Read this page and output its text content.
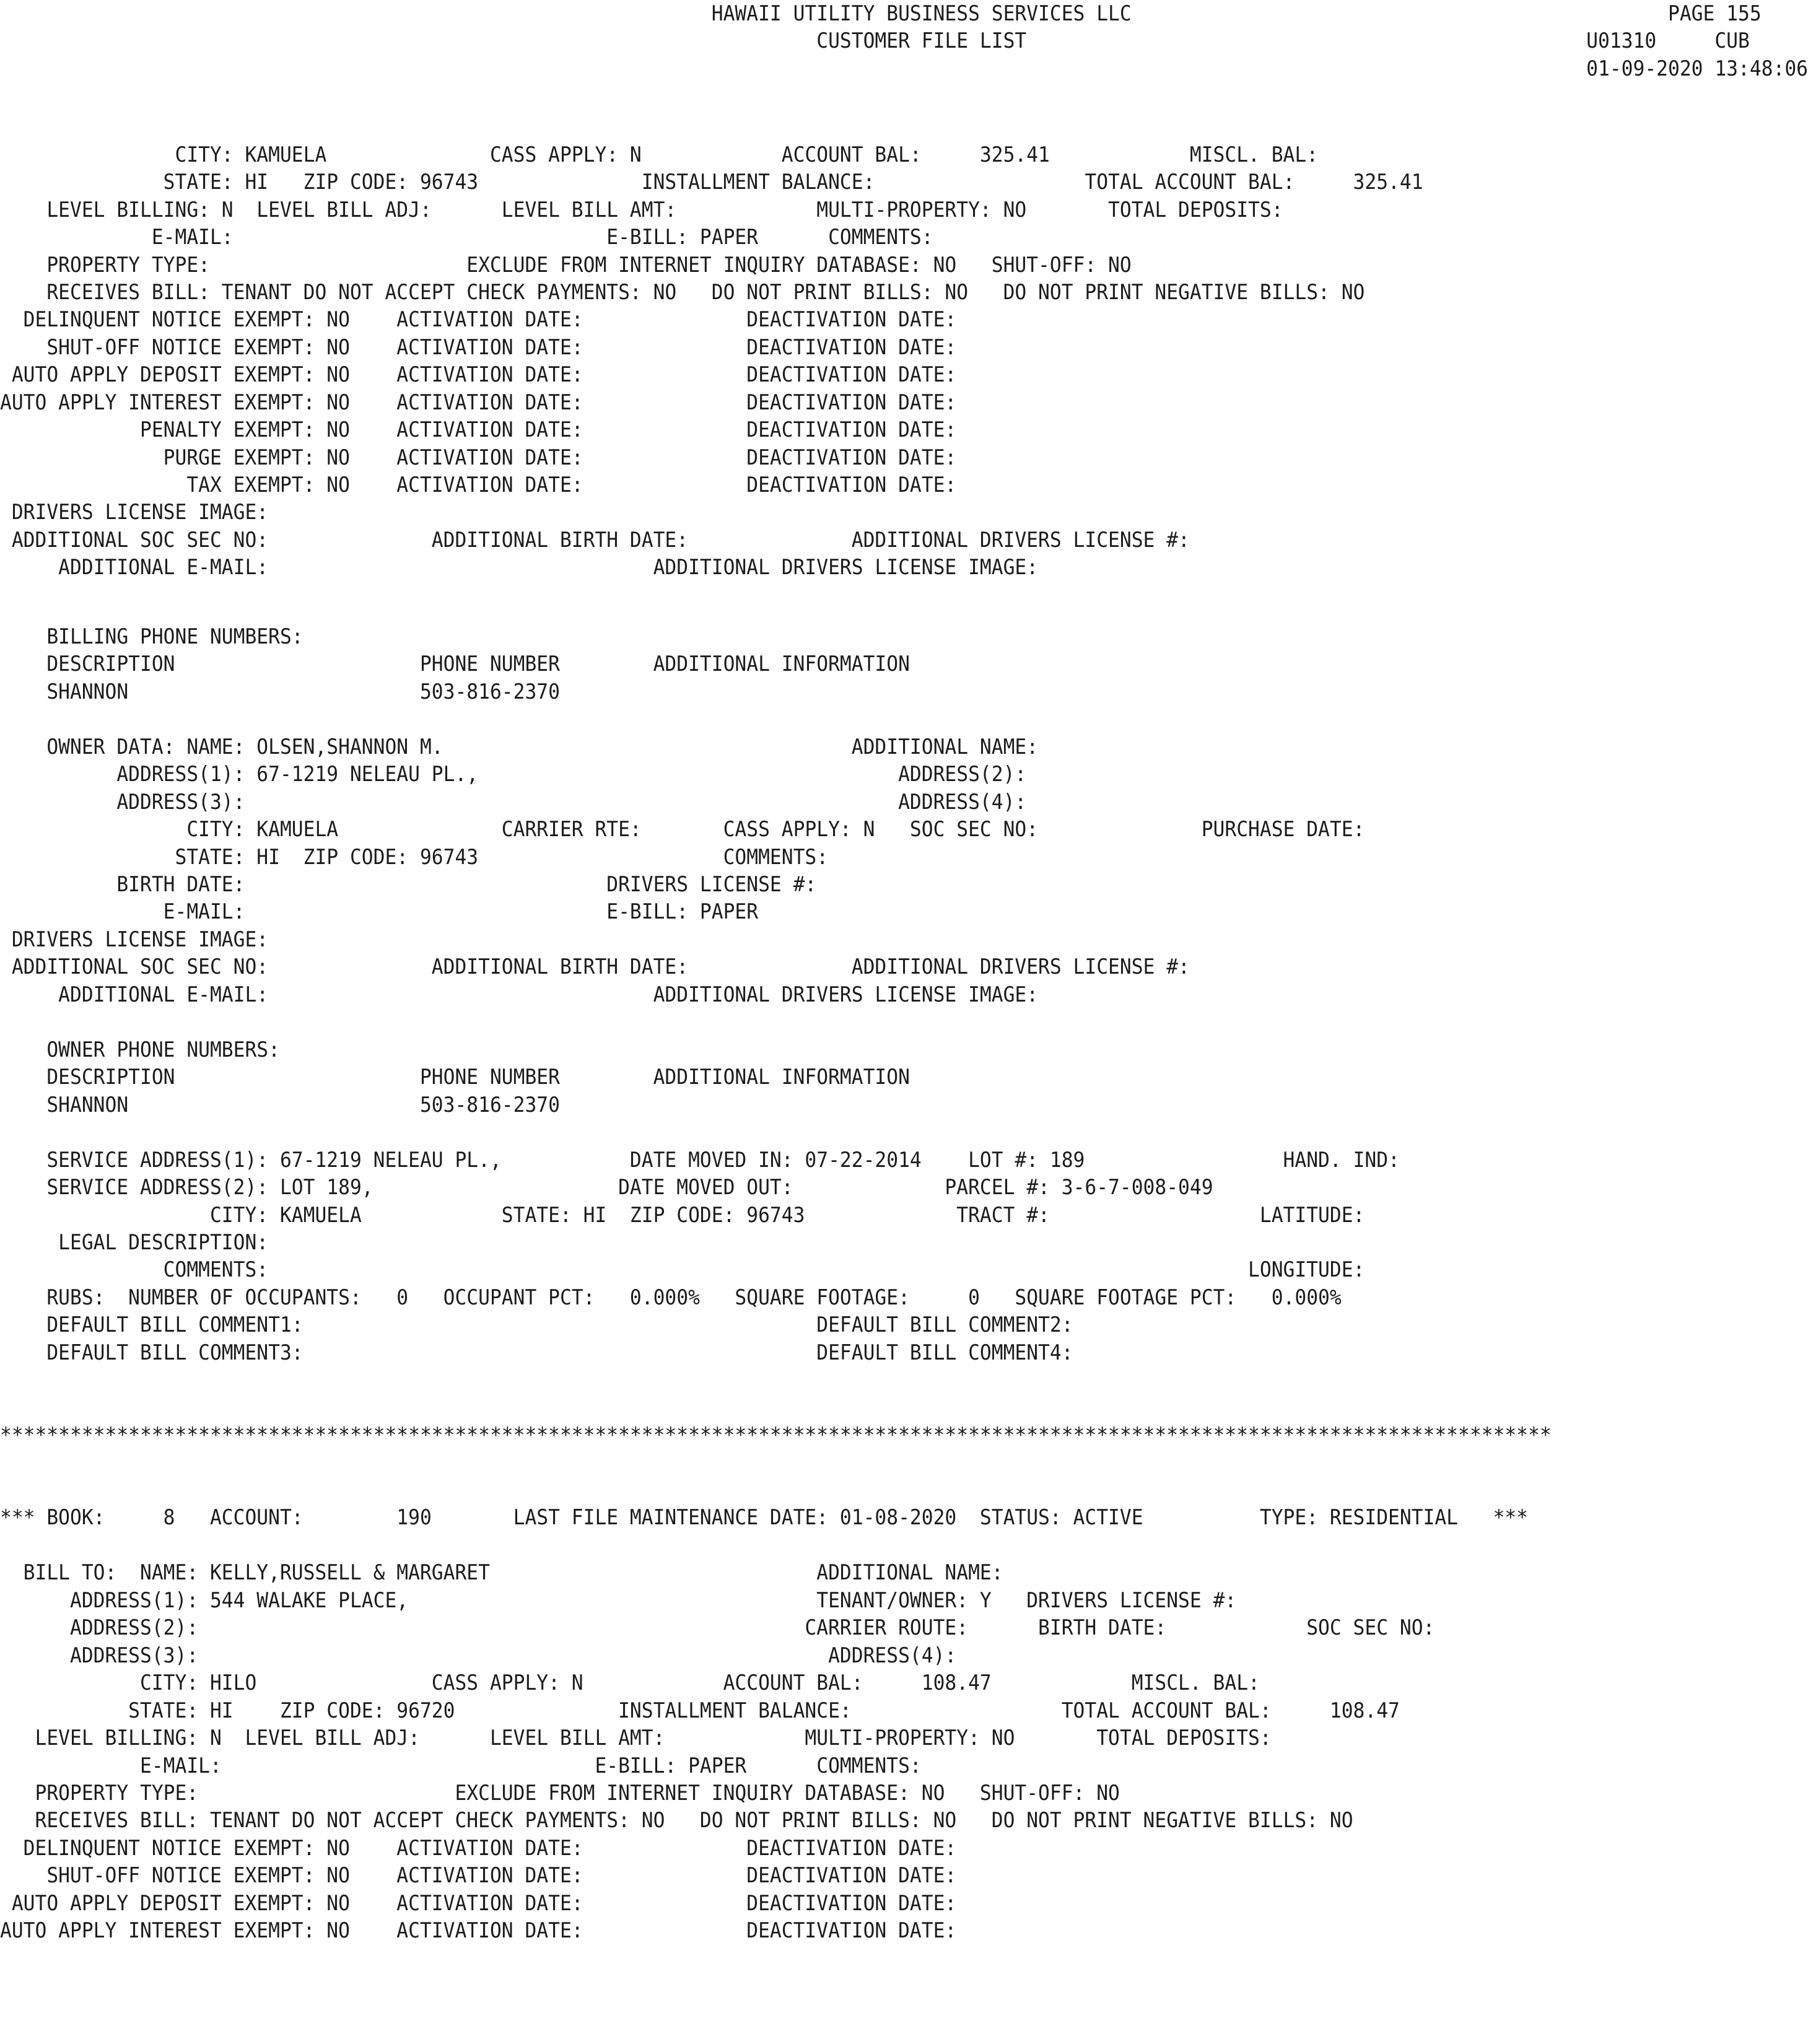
HAWAII UTILITY BUSINESS SERVICES LLC                                              PAGE 155
CUSTOMER FILE LIST                                                U01310     CUB
01-09-2020 13:48:06
CITY: KAMUELA              CASS APPLY: N            ACCOUNT BAL:     325.41            MISCL. BAL:
STATE: HI   ZIP CODE: 96743              INSTALLMENT BALANCE:                  TOTAL ACCOUNT BAL:     325.41
LEVEL BILLING: N  LEVEL BILL ADJ:      LEVEL BILL AMT:            MULTI-PROPERTY: NO       TOTAL DEPOSITS:
E-MAIL:                                E-BILL: PAPER      COMMENTS:
PROPERTY TYPE:                      EXCLUDE FROM INTERNET INQUIRY DATABASE: NO   SHUT-OFF: NO
RECEIVES BILL: TENANT DO NOT ACCEPT CHECK PAYMENTS: NO   DO NOT PRINT BILLS: NO   DO NOT PRINT NEGATIVE BILLS: NO
DELINQUENT NOTICE EXEMPT: NO    ACTIVATION DATE:              DEACTIVATION DATE:
SHUT-OFF NOTICE EXEMPT: NO    ACTIVATION DATE:              DEACTIVATION DATE:
AUTO APPLY DEPOSIT EXEMPT: NO    ACTIVATION DATE:              DEACTIVATION DATE:
AUTO APPLY INTEREST EXEMPT: NO    ACTIVATION DATE:              DEACTIVATION DATE:
PENALTY EXEMPT: NO    ACTIVATION DATE:              DEACTIVATION DATE:
PURGE EXEMPT: NO    ACTIVATION DATE:              DEACTIVATION DATE:
TAX EXEMPT: NO    ACTIVATION DATE:              DEACTIVATION DATE:
DRIVERS LICENSE IMAGE:
ADDITIONAL SOC SEC NO:              ADDITIONAL BIRTH DATE:              ADDITIONAL DRIVERS LICENSE #:
ADDITIONAL E-MAIL:                                 ADDITIONAL DRIVERS LICENSE IMAGE:
BILLING PHONE NUMBERS:
DESCRIPTION                     PHONE NUMBER        ADDITIONAL INFORMATION
SHANNON                         503-816-2370
OWNER DATA: NAME: OLSEN,SHANNON M.                                   ADDITIONAL NAME:
ADDRESS(1): 67-1219 NELEAU PL.,                                    ADDRESS(2):
ADDRESS(3):                                                        ADDRESS(4):
CITY: KAMUELA              CARRIER RTE:       CASS APPLY: N   SOC SEC NO:              PURCHASE DATE:
STATE: HI  ZIP CODE: 96743                     COMMENTS:
BIRTH DATE:                               DRIVERS LICENSE #:
E-MAIL:                               E-BILL: PAPER
DRIVERS LICENSE IMAGE:
ADDITIONAL SOC SEC NO:              ADDITIONAL BIRTH DATE:              ADDITIONAL DRIVERS LICENSE #:
ADDITIONAL E-MAIL:                                 ADDITIONAL DRIVERS LICENSE IMAGE:
OWNER PHONE NUMBERS:
DESCRIPTION                     PHONE NUMBER        ADDITIONAL INFORMATION
SHANNON                         503-816-2370
SERVICE ADDRESS(1): 67-1219 NELEAU PL.,           DATE MOVED IN: 07-22-2014    LOT #: 189                 HAND. IND:
SERVICE ADDRESS(2): LOT 189,                     DATE MOVED OUT:             PARCEL #: 3-6-7-008-049
CITY: KAMUELA            STATE: HI  ZIP CODE: 96743             TRACT #:                  LATITUDE:
LEGAL DESCRIPTION:
COMMENTS:                                                                                    LONGITUDE:
RUBS:  NUMBER OF OCCUPANTS:   0   OCCUPANT PCT:   0.000%   SQUARE FOOTAGE:     0   SQUARE FOOTAGE PCT:   0.000%
DEFAULT BILL COMMENT1:                                            DEFAULT BILL COMMENT2:
DEFAULT BILL COMMENT3:                                            DEFAULT BILL COMMENT4:
*************************************************************************************************************************************
*** BOOK:     8   ACCOUNT:        190       LAST FILE MAINTENANCE DATE: 01-08-2020  STATUS: ACTIVE          TYPE: RESIDENTIAL   ***
BILL TO:  NAME: KELLY,RUSSELL & MARGARET                            ADDITIONAL NAME:
ADDRESS(1): 544 WALAKE PLACE,                                   TENANT/OWNER: Y   DRIVERS LICENSE #:
ADDRESS(2):                                                    CARRIER ROUTE:      BIRTH DATE:            SOC SEC NO:
ADDRESS(3):                                                      ADDRESS(4):
CITY: HILO               CASS APPLY: N            ACCOUNT BAL:     108.47            MISCL. BAL:
STATE: HI    ZIP CODE: 96720              INSTALLMENT BALANCE:                  TOTAL ACCOUNT BAL:     108.47
LEVEL BILLING: N  LEVEL BILL ADJ:      LEVEL BILL AMT:            MULTI-PROPERTY: NO       TOTAL DEPOSITS:
E-MAIL:                                E-BILL: PAPER      COMMENTS:
PROPERTY TYPE:                      EXCLUDE FROM INTERNET INQUIRY DATABASE: NO   SHUT-OFF: NO
RECEIVES BILL: TENANT DO NOT ACCEPT CHECK PAYMENTS: NO   DO NOT PRINT BILLS: NO   DO NOT PRINT NEGATIVE BILLS: NO
DELINQUENT NOTICE EXEMPT: NO    ACTIVATION DATE:              DEACTIVATION DATE:
SHUT-OFF NOTICE EXEMPT: NO    ACTIVATION DATE:              DEACTIVATION DATE:
AUTO APPLY DEPOSIT EXEMPT: NO    ACTIVATION DATE:              DEACTIVATION DATE:
AUTO APPLY INTEREST EXEMPT: NO    ACTIVATION DATE:              DEACTIVATION DATE:
